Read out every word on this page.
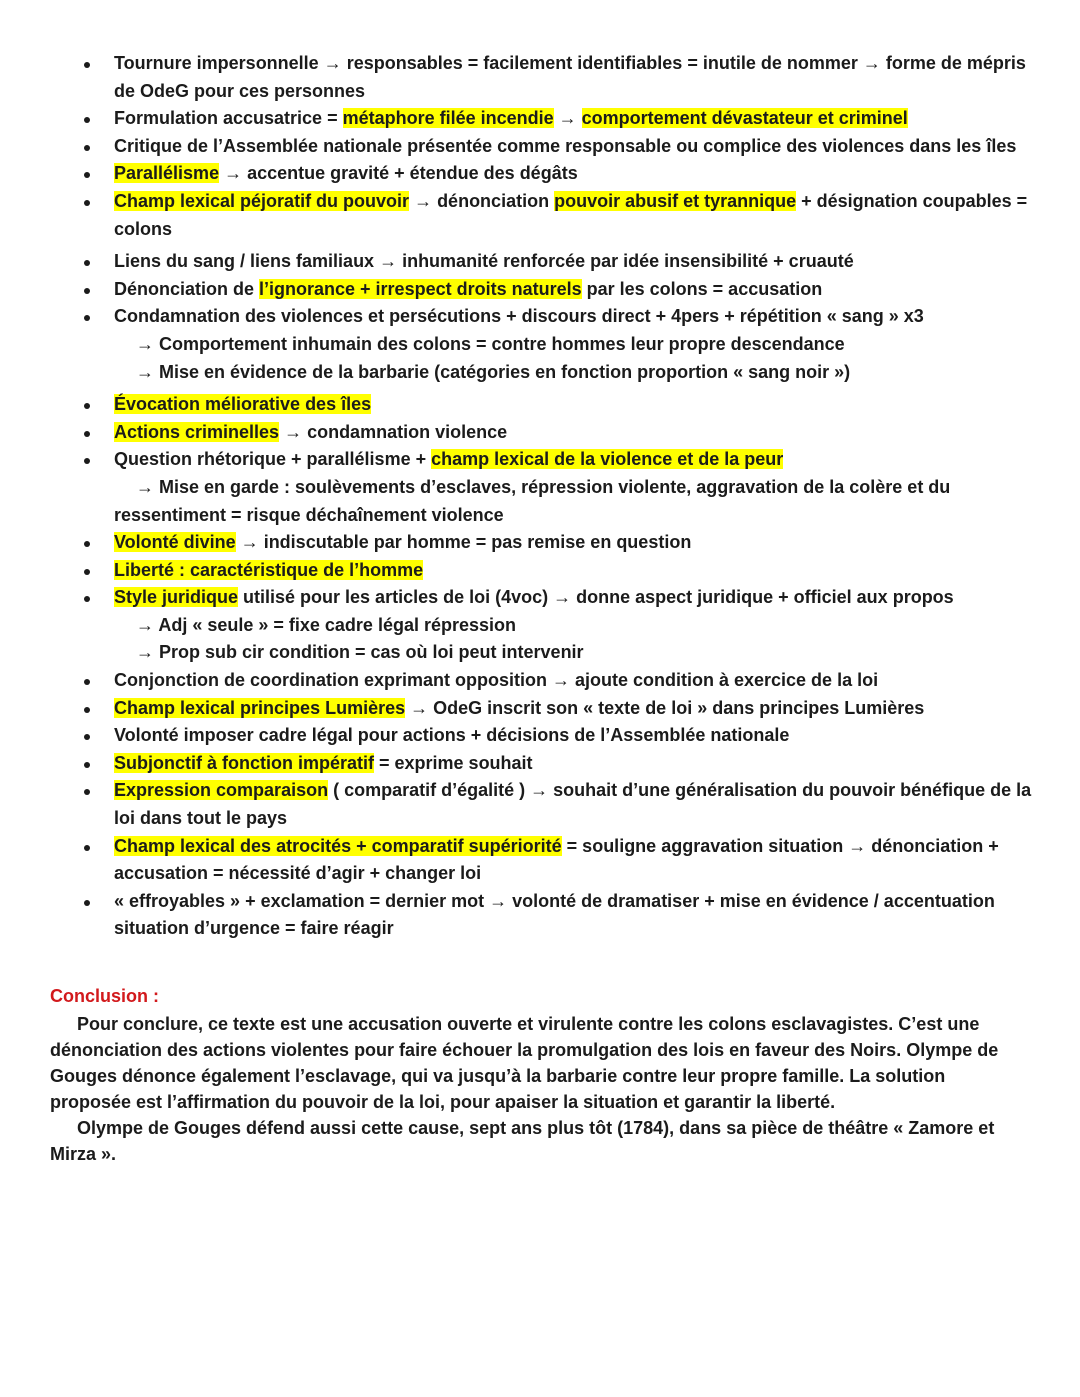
Tournure impersonnelle → responsables = facilement identifiables = inutile de nommer → forme de mépris de OdeG pour ces personnes
Formulation accusatrice = métaphore filée incendie → comportement dévastateur et criminel
Critique de l’Assemblée nationale présentée comme responsable ou complice des violences dans les îles
Parallélisme → accentue gravité + étendue des dégâts
Champ lexical péjoratif du pouvoir → dénonciation pouvoir abusif et tyrannique + désignation coupables = colons
Liens du sang / liens familiaux → inhumanité renforcée par idée insensibilité + cruauté
Dénonciation de l’ignorance + irrespect droits naturels par les colons = accusation
Condamnation des violences et persécutions + discours direct + 4pers + répétition « sang » x3
→ Comportement inhumain des colons = contre hommes leur propre descendance
→ Mise en évidence de la barbarie (catégories en fonction proportion « sang noir »)
Évocation méliorative des îles
Actions criminelles → condamnation violence
Question rhétorique + parallélisme + champ lexical de la violence et de la peur
→ Mise en garde : soulèvements d’esclaves, répression violente, aggravation de la colère et du
ressentiment = risque déchaînement violence
Volonté divine → indiscutable par homme = pas remise en question
Liberté : caractéristique de l’homme
Style juridique utilisé pour les articles de loi (4voc) → donne aspect juridique + officiel aux propos
→ Adj « seule » = fixe cadre légal répression
→ Prop sub cir condition = cas où loi peut intervenir
Conjonction de coordination exprimant opposition → ajoute condition à exercice de la loi
Champ lexical principes Lumières → OdeG inscrit son « texte de loi » dans principes Lumières
Volonté imposer cadre légal pour actions + décisions de l’Assemblée nationale
Subjonctif à fonction impératif = exprime souhait
Expression comparaison ( comparatif d’égalité ) → souhait d’une généralisation du pouvoir bénéfique de la loi dans tout le pays
Champ lexical des atrocités + comparatif supériorité = souligne aggravation situation → dénonciation + accusation = nécessité d’agir + changer loi
« effroyables » + exclamation = dernier mot → volonté de dramatiser + mise en évidence / accentuation situation d’urgence = faire réagir
Conclusion :

Pour conclure, ce texte est une accusation ouverte et virulente contre les colons esclavagistes. C’est une dénonciation des actions violentes pour faire échouer la promulgation des lois en faveur des Noirs. Olympe de Gouges dénonce également l’esclavage, qui va jusqu’à la barbarie contre leur propre famille. La solution proposée est l’affirmation du pouvoir de la loi, pour apaiser la situation et garantir la liberté.

Olympe de Gouges défend aussi cette cause, sept ans plus tôt (1784), dans sa pièce de théâtre « Zamore et Mirza ».
